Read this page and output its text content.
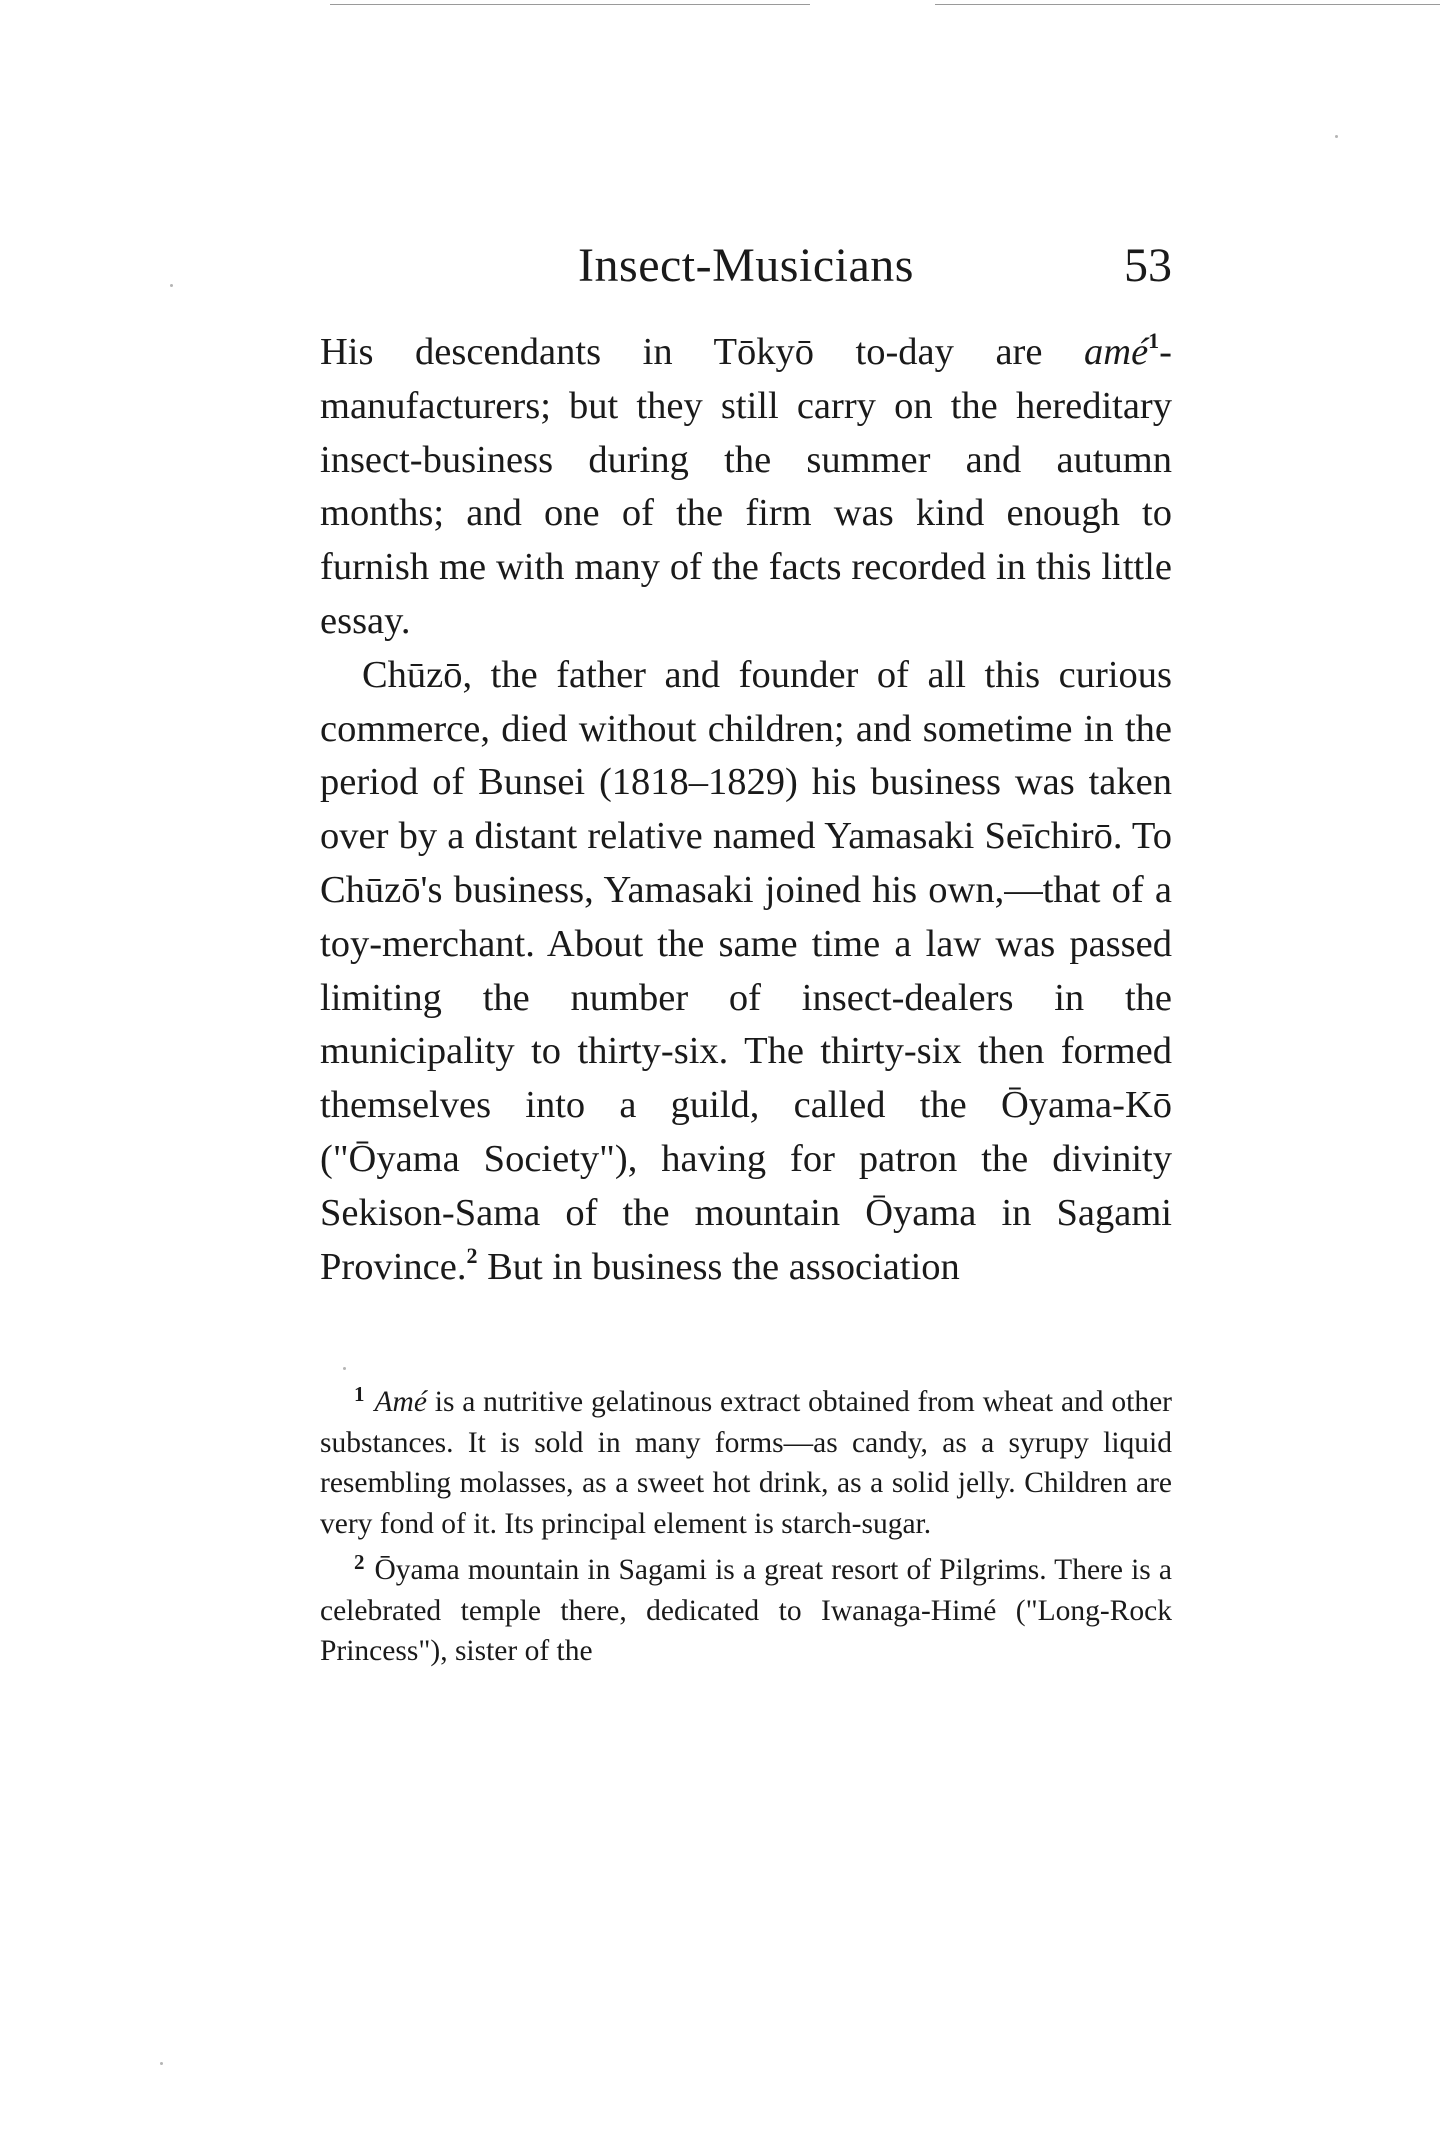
Insect-Musicians	53

His descendants in Tōkyō to-day are amé$^1$-manufacturers; but they still carry on the hereditary insect-business during the summer and autumn months; and one of the firm was kind enough to furnish me with many of the facts recorded in this little essay.

Chūzō, the father and founder of all this curious commerce, died without children; and sometime in the period of Bunsei (1818–1829) his business was taken over by a distant relative named Yamasaki Seīchirō. To Chūzō's business, Yamasaki joined his own,—that of a toy-merchant. About the same time a law was passed limiting the number of insect-dealers in the municipality to thirty-six. The thirty-six then formed themselves into a guild, called the Ōyama-Kō ("Ōyama Society"), having for patron the divinity Sekison-Sama of the mountain Ōyama in Sagami Province.$^2$ But in business the association

$^1$ Amé is a nutritive gelatinous extract obtained from wheat and other substances. It is sold in many forms—as candy, as a syrupy liquid resembling molasses, as a sweet hot drink, as a solid jelly. Children are very fond of it. Its principal element is starch-sugar.

$^2$ Ōyama mountain in Sagami is a great resort of Pilgrims. There is a celebrated temple there, dedicated to Iwanaga-Himé ("Long-Rock Princess"), sister of the
